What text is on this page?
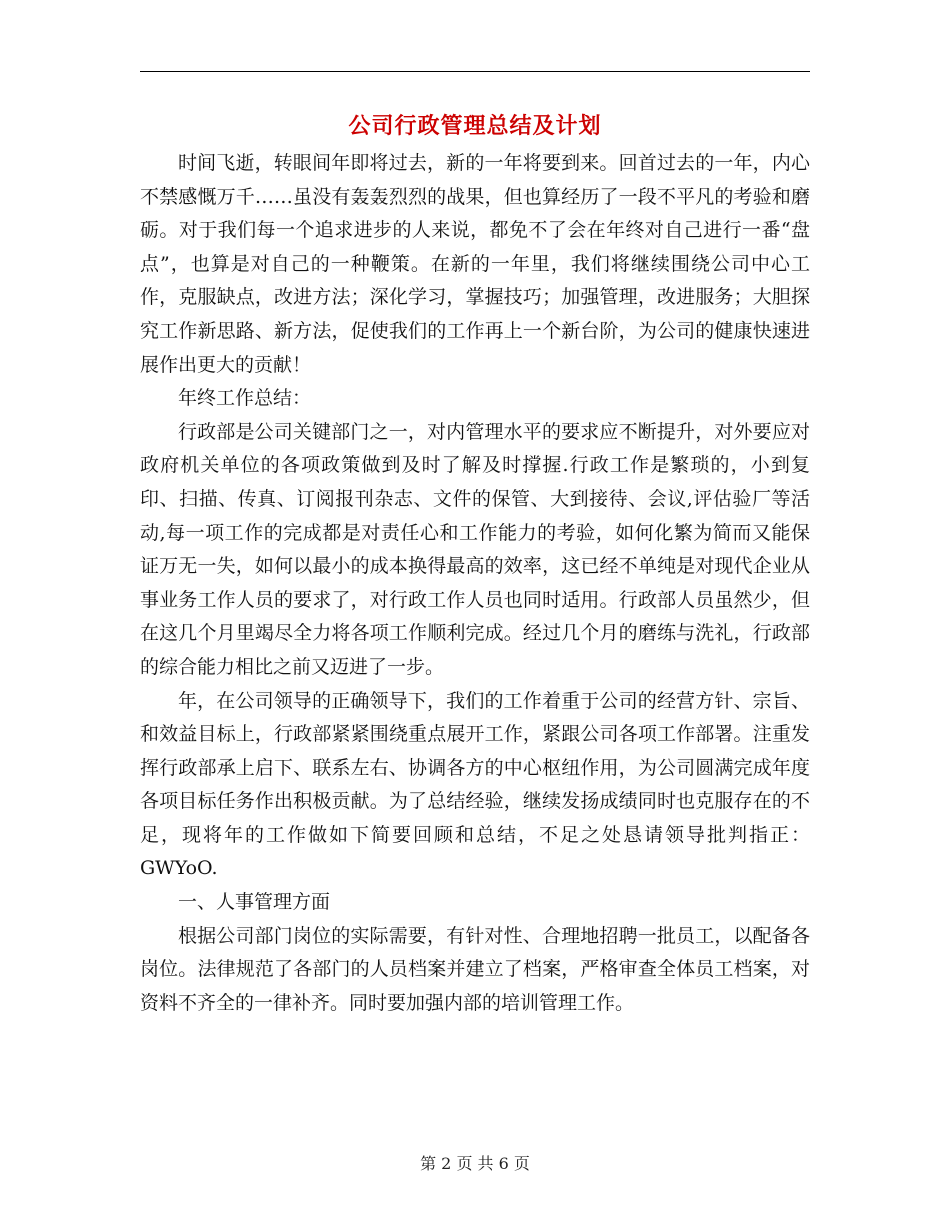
公司行政管理总结及计划

时间飞逝，转眼间年即将过去，新的一年将要到来。回首过去的一年，内心不禁感慨万千……虽没有轰轰烈烈的战果，但也算经历了一段不平凡的考验和磨砺。对于我们每一个追求进步的人来说，都免不了会在年终对自己进行一番“盘点”，也算是对自己的一种鞭策。在新的一年里，我们将继续围绕公司中心工作，克服缺点，改进方法；深化学习，掌握技巧；加强管理，改进服务；大胆探究工作新思路、新方法，促使我们的工作再上一个新台阶，为公司的健康快速进展作出更大的贡献！

年终工作总结：

行政部是公司关键部门之一，对内管理水平的要求应不断提升，对外要应对政府机关单位的各项政策做到及时了解及时撑握.行政工作是繁琐的，小到复印、扫描、传真、订阅报刊杂志、文件的保管、大到接待、会议,评估验厂等活动,每一项工作的完成都是对责任心和工作能力的考验，如何化繁为简而又能保证万无一失，如何以最小的成本换得最高的效率，这已经不单纯是对现代企业从事业务工作人员的要求了，对行政工作人员也同时适用。行政部人员虽然少，但在这几个月里竭尽全力将各项工作顺利完成。经过几个月的磨练与洗礼，行政部的综合能力相比之前又迈进了一步。

年，在公司领导的正确领导下，我们的工作着重于公司的经营方针、宗旨、和效益目标上，行政部紧紧围绕重点展开工作，紧跟公司各项工作部署。注重发挥行政部承上启下、联系左右、协调各方的中心枢纽作用，为公司圆满完成年度各项目标任务作出积极贡献。为了总结经验，继续发扬成绩同时也克服存在的不足，现将年的工作做如下简要回顾和总结，不足之处恳请领导批判指正：GWYoO.

一、人事管理方面

根据公司部门岗位的实际需要，有针对性、合理地招聘一批员工，以配备各岗位。法律规范了各部门的人员档案并建立了档案，严格审查全体员工档案，对资料不齐全的一律补齐。同时要加强内部的培训管理工作。

第 2 页 共 6 页
